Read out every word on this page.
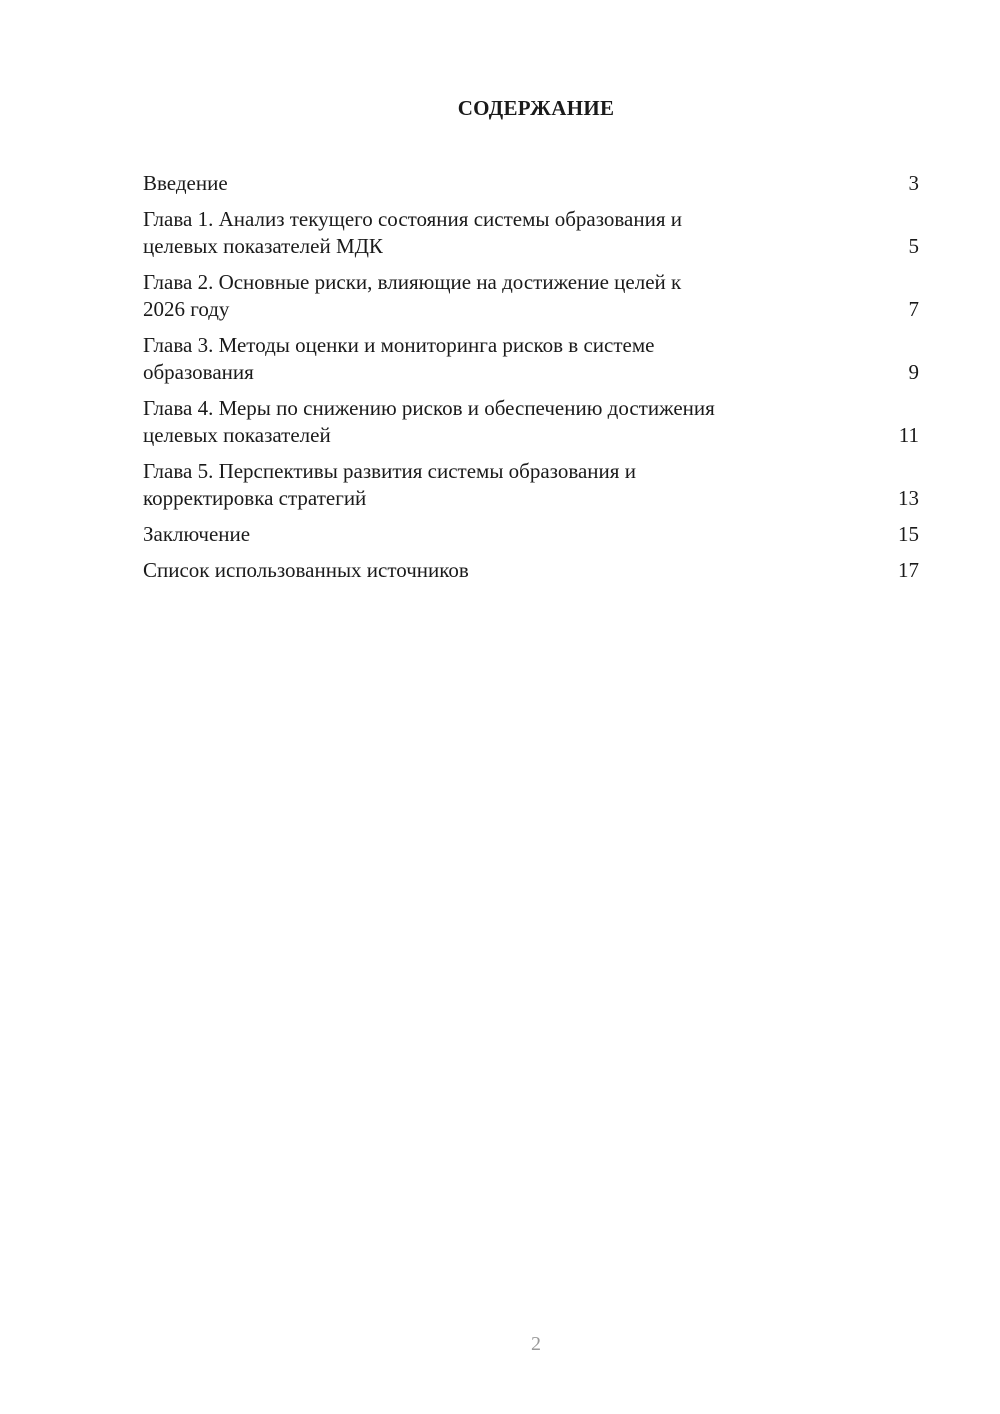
СОДЕРЖАНИЕ
Введение	3
Глава 1. Анализ текущего состояния системы образования и
целевых показателей МДК	5
Глава 2. Основные риски, влияющие на достижение целей к
2026 году	7
Глава 3. Методы оценки и мониторинга рисков в системе
образования	9
Глава 4. Меры по снижению рисков и обеспечению достижения
целевых показателей	11
Глава 5. Перспективы развития системы образования и
корректировка стратегий	13
Заключение	15
Список использованных источников	17
2
